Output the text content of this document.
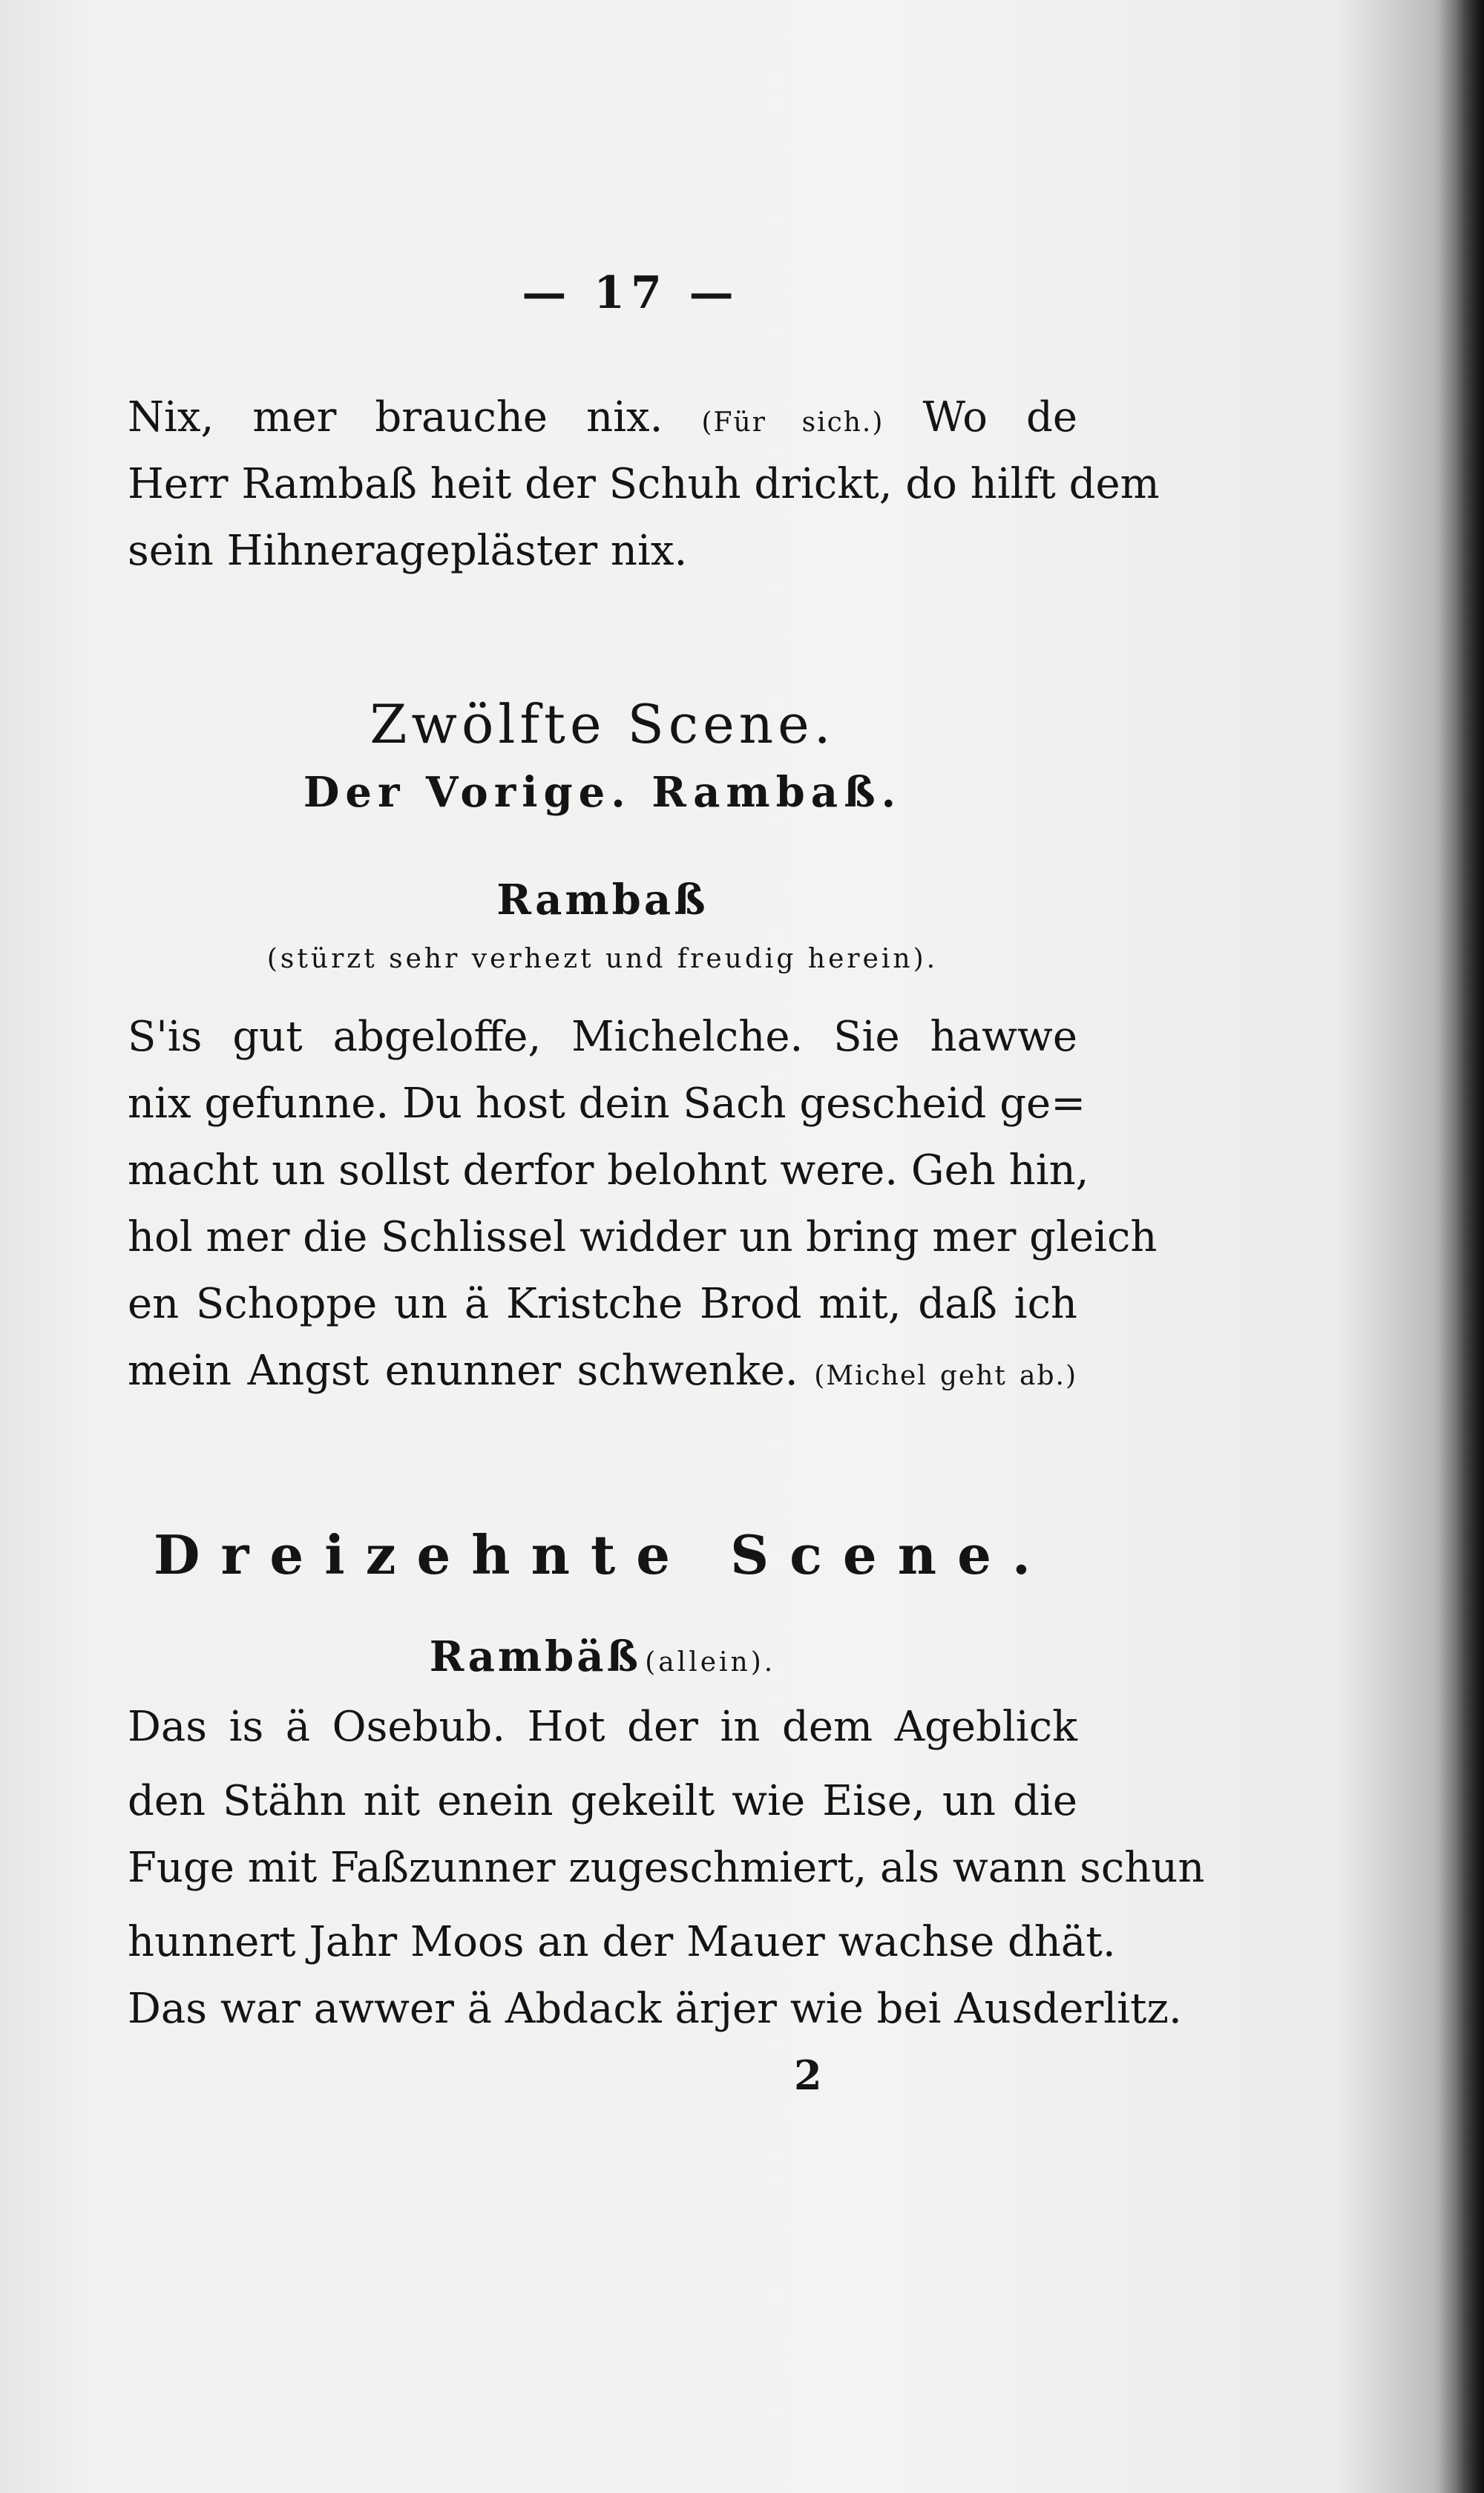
— 17 —
Nix, mer brauche nix. (Für sich.) Wo de
Herr Rambaß heit der Schuh drickt, do hilft dem
sein Hihneragepläster nix.
Zwölfte Scene.
Der Vorige. Rambaß.
Rambaß
(stürzt sehr verhezt und freudig herein).
S'is gut abgeloffe, Michelche. Sie hawwe
nix gefunne. Du host dein Sach gescheid ge=
macht un sollst derfor belohnt were. Geh hin,
hol mer die Schlissel widder un bring mer gleich
en Schoppe un ä Kristche Brod mit, daß ich
mein Angst enunner schwenke. (Michel geht ab.)
Dreizehnte Scene.
Rambäß (allein).
Das is ä Osebub. Hot der in dem Ageblick
den Stähn nit enein gekeilt wie Eise, un die
Fuge mit Faßzunner zugeschmiert, als wann schun
hunnert Jahr Moos an der Mauer wachse dhät.
Das war awwer ä Abdack ärjer wie bei Ausderlitz.
2
